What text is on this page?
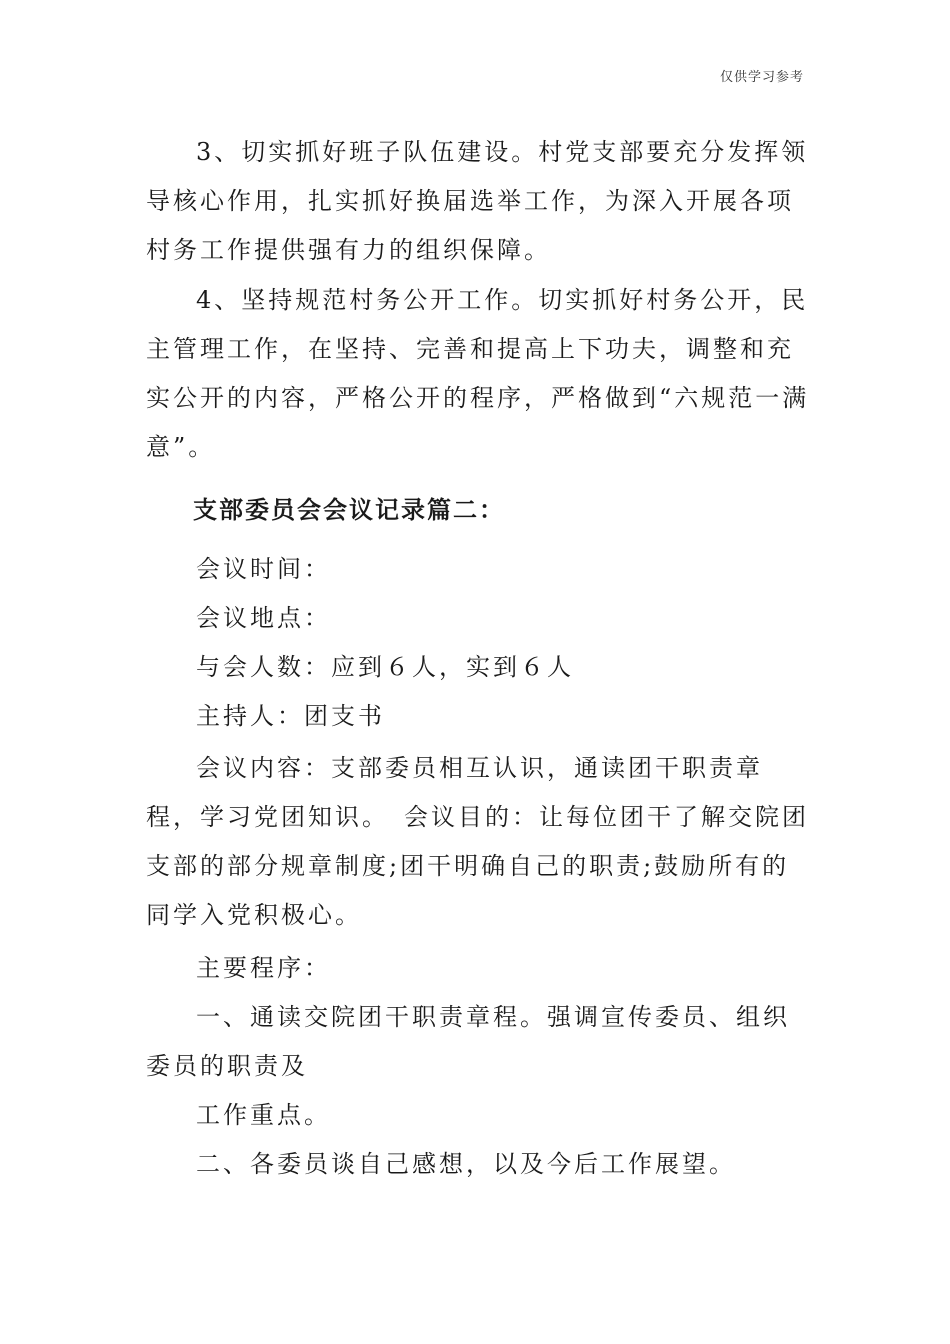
仅供学习参考

3、切实抓好班子队伍建设。村党支部要充分发挥领导核心作用，扎实抓好换届选举工作，为深入开展各项村务工作提供强有力的组织保障。

4、坚持规范村务公开工作。切实抓好村务公开，民主管理工作，在坚持、完善和提高上下功夫，调整和充实公开的内容，严格公开的程序，严格做到“六规范一满意”。

支部委员会会议记录篇二：

会议时间：

会议地点：

与会人数：应到６人，实到６人

主持人：团支书

会议内容：支部委员相互认识，通读团干职责章程，学习党团知识。　会议目的：让每位团干了解交院团支部的部分规章制度;团干明确自己的职责;鼓励所有的同学入党积极心。

主要程序：

一、通读交院团干职责章程。强调宣传委员、组织委员的职责及

工作重点。

二、各委员谈自己感想，以及今后工作展望。
